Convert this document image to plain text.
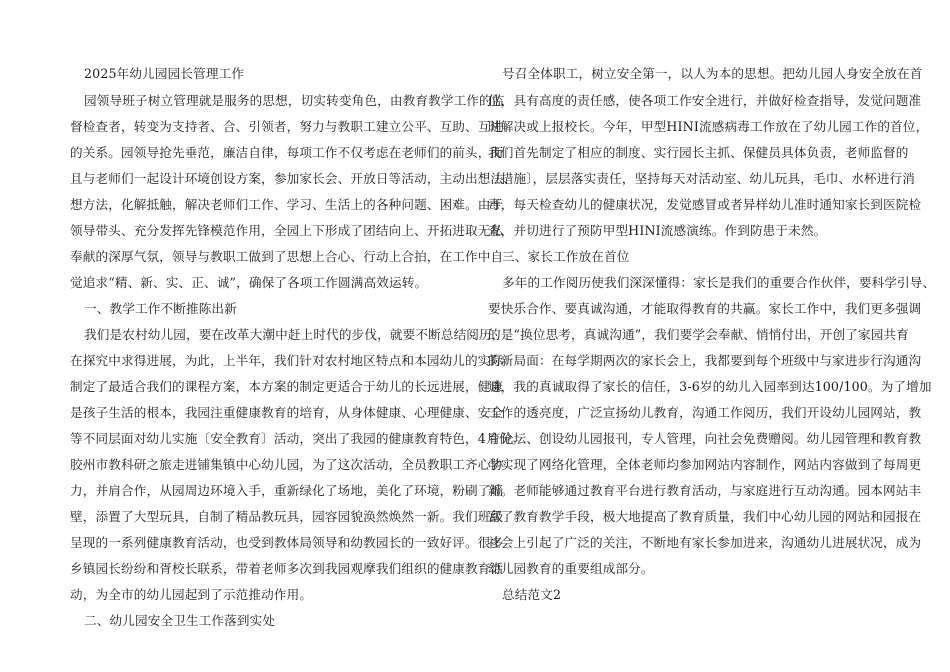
2025年幼儿园园长管理工作
园领导班子树立管理就是服务的思想，切实转变角色，由教育教学工作的监
督检查者，转变为支持者、合、引领者，努力与教职工建立公平、互助、互进
的关系。园领导抢先垂范，廉洁自律，每项工作不仅考虑在老师们的前头，而
且与老师们一起设计环境创设方案，参加家长会、开放日等活动，主动出想法、
想方法，化解抵触，解决老师们工作、学习、生活上的各种问题、困难。由于
领导带头、充分发挥先锋模范作用，全园上下形成了团结向上、开拓进取无私
奉献的深厚气氛，领导与教职工做到了思想上合心、行动上合拍，在工作中自
觉追求“精、新、实、正、诚”，确保了各项工作圆满高效运转。
一、教学工作不断推陈出新
我们是农村幼儿园，要在改革大潮中赶上时代的步伐，就要不断总结阅历，
在探究中求得进展，为此，上半年，我们针对农村地区特点和本园幼儿的实际
制定了最适合我们的课程方案，本方案的制定更适合于幼儿的长远进展，健康
是孩子生活的根本，我园注重健康教育的培育，从身体健康、心理健康、安全
等不同层面对幼儿实施〔安全教育〕活动，突出了我园的健康教育特色，4月份。
胶州市教科研之旅走进铺集镇中心幼儿园，为了这次活动，全员教职工齐心协
力，并肩合作，从园周边环境入手，重新绿化了场地，美化了环境，粉刷了墙
壁，添置了大型玩具，自制了精品教玩具，园容园貌涣然焕然一新。我们班级
呈现的一系列健康教育活动，也受到教体局领导和幼教园长的一致好评。很多
乡镇园长纷纷和胥校长联系，带着老师多次到我园观摩我们组织的健康教育活
动，为全市的幼儿园起到了示范推动作用。
二、幼儿园安全卫生工作落到实处
号召全体职工，树立安全第一，以人为本的思想。把幼儿园人身安全放在首
位，具有高度的责任感，使各项工作安全进行，并做好检查指导，发觉问题准
时解决或上报校长。今年，甲型HINI流感病毒工作放在了幼儿园工作的首位，
我们首先制定了相应的制度、实行园长主抓、保健员具体负责，老师监督的
〔措施〕，层层落实责任，坚持每天对活动室、幼儿玩具，毛巾、水杯进行消
毒，每天检查幼儿的健康状况，发觉感冒或者异样幼儿准时通知家长到医院检
查，并切进行了预防甲型HINI流感演练。作到防患于未然。
三、家长工作放在首位
多年的工作阅历使我们深深懂得：家长是我们的重要合作伙伴，要科学引导、
要快乐合作、要真诚沟通，才能取得教育的共赢。家长工作中，我们更多强调
的是“换位思考，真诚沟通”，我们要学会奉献、悄悄付出，开创了家园共育
的新局面：在每学期两次的家长会上，我都要到每个班级中与家进步行沟通沟
通，我的真诚取得了家长的信任，3-6岁的幼儿入园率到达100/100。为了增加
工作的透亮度，广泛宣扬幼儿教育，沟通工作阅历，我们开设幼儿园网站，教
育论坛、创设幼儿园报刊，专人管理，向社会免费赠阅。幼儿园管理和教育教
学实现了网络化管理，全体老师均参加网站内容制作，网站内容做到了每周更
新。老师能够通过教育平台进行教育活动，与家庭进行互动沟通。园本网站丰
富了教育教学手段，极大地提高了教育质量，我们中心幼儿园的网站和园报在
社会上引起了广泛的关注，不断地有家长参加进来，沟通幼儿进展状况，成为
幼儿园教育的重要组成部分。
总结范文2
